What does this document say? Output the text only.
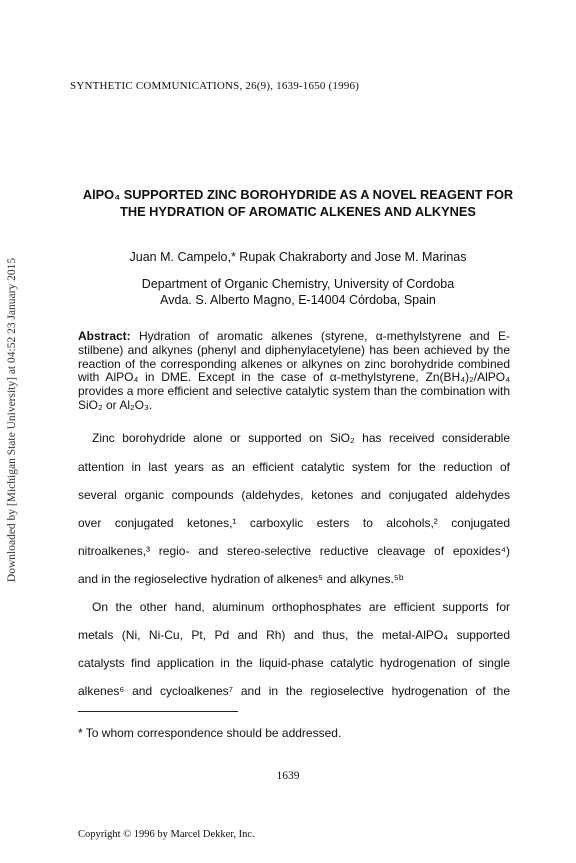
SYNTHETIC COMMUNICATIONS, 26(9), 1639-1650 (1996)
Downloaded by [Michigan State University] at 04:52 23 January 2015
AlPO₄ SUPPORTED ZINC BOROHYDRIDE AS A NOVEL REAGENT FOR
THE HYDRATION OF AROMATIC ALKENES AND ALKYNES
Juan M. Campelo,* Rupak Chakraborty and Jose M. Marinas
Department of Organic Chemistry, University of Cordoba
Avda. S. Alberto Magno, E-14004 Córdoba, Spain
Abstract: Hydration of aromatic alkenes (styrene, α-methylstyrene and E-stilbene) and alkynes (phenyl and diphenylacetylene) has been achieved by the reaction of the corresponding alkenes or alkynes on zinc borohydride combined with AlPO₄ in DME. Except in the case of α-methylstyrene, Zn(BH₄)₂/AlPO₄ provides a more efficient and selective catalytic system than the combination with SiO₂ or Al₂O₃.
Zinc borohydride alone or supported on SiO₂ has received considerable
attention in last years as an efficient catalytic system for the reduction of
several organic compounds (aldehydes, ketones and conjugated aldehydes
over conjugated ketones,¹ carboxylic esters to alcohols,² conjugated
nitroalkenes,³ regio- and stereo-selective reductive cleavage of epoxides⁴)
and in the regioselective hydration of alkenes⁵ and alkynes.⁵ᵇ
On the other hand, aluminum orthophosphates are efficient supports for
metals (Ni, Ni-Cu, Pt, Pd and Rh) and thus, the metal-AlPO₄ supported
catalysts find application in the liquid-phase catalytic hydrogenation of single
alkenes⁶ and cycloalkenes⁷ and in the regioselective hydrogenation of the
* To whom correspondence should be addressed.
1639
Copyright © 1996 by Marcel Dekker, Inc.
